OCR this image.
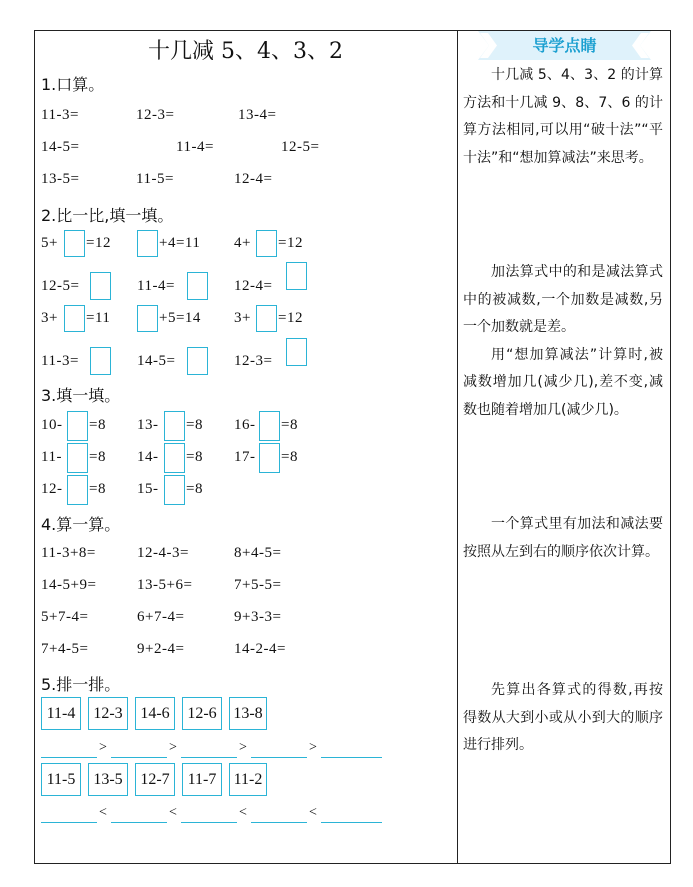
十几减 5、4、3、2
1.口算。
11-3=	12-3=	13-4=
14-5=	11-4=	12-5=
13-5=	11-5=	12-4=
2.比一比,填一填。
5+ =12	+4=11 4+ =12
12-5=	11-4=	12-4=
3+ =11	+5=14 3+ =12
11-3=	14-5=	12-3=
3.填一填。
10- =8 13- =8 16- =8
11- =8 14- =8 17- =8
12- =8 15- =8
4.算一算。
11-3+8=	12-4-3=	8+4-5=
14-5+9=	13-5+6=	7+5-5=
5+7-4=	6+7-4=	9+3-3=
7+4-5=	9+2-4=	14-2-4=
5.排一排。
11-4	12-3	14-6	12-6	13-8
>	>	>	>
11-5	13-5	12-7	11-7	11-2
<	<	<	<
导学点睛

十几减 5、4、3、2 的计算方法和十几减 9、8、7、6 的计算方法相同,可以用“破十法”“平十法”和“想加算减法”来思考。

加法算式中的和是减法算式中的被减数,一个加数是减数,另一个加数就是差。

用“想加算减法”计算时,被减数增加几(减少几),差不变,减数也随着增加几(减少几)。

一个算式里有加法和减法要按照从左到右的顺序依次计算。

先算出各算式的得数,再按得数从大到小或从小到大的顺序进行排列。
